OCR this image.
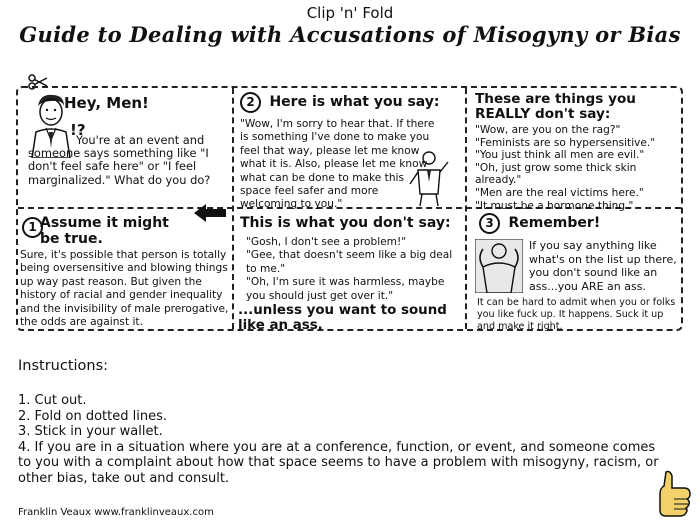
Clip 'n' Fold
Guide to Dealing with Accusations of Misogyny or Bias
Hey, Men!
!?
You're at an event and someone says something like "I don't feel safe here" or "I feel marginalized." What do you do?
2 Here is what you say:
"Wow, I'm sorry to hear that. If there is something I've done to make you feel that way, please let me know what it is. Also, please let me know what can be done to make this space feel safer and more welcoming to you."
These are things you REALLY don't say:
"Wow, are you on the rag?"
"Feminists are so hypersensitive."
"You just think all men are evil."
"Oh, just grow some thick skin already."
"Men are the real victims here."
"It must be a hormone thing."
1 Assume it might be true.
Sure, it's possible that person is totally being oversensitive and blowing things up way past reason. But given the history of racial and gender inequality and the invisibility of male prerogative, the odds are against it.
This is what you don't say:
"Gosh, I don't see a problem!"
"Gee, that doesn't seem like a big deal to me."
"Oh, I'm sure it was harmless, maybe you should just get over it."
...unless you want to sound like an ass.
3 Remember!
If you say anything like what's on the list up there, you don't sound like an ass...you ARE an ass.
It can be hard to admit when you or folks you like fuck up. It happens. Suck it up and make it right.
Instructions:
1. Cut out.
2. Fold on dotted lines.
3. Stick in your wallet.
4. If you are in a situation where you are at a conference, function, or event, and someone comes to you with a complaint about how that space seems to have a problem with misogyny, racism, or other bias, take out and consult.
Franklin Veaux www.franklinveaux.com
